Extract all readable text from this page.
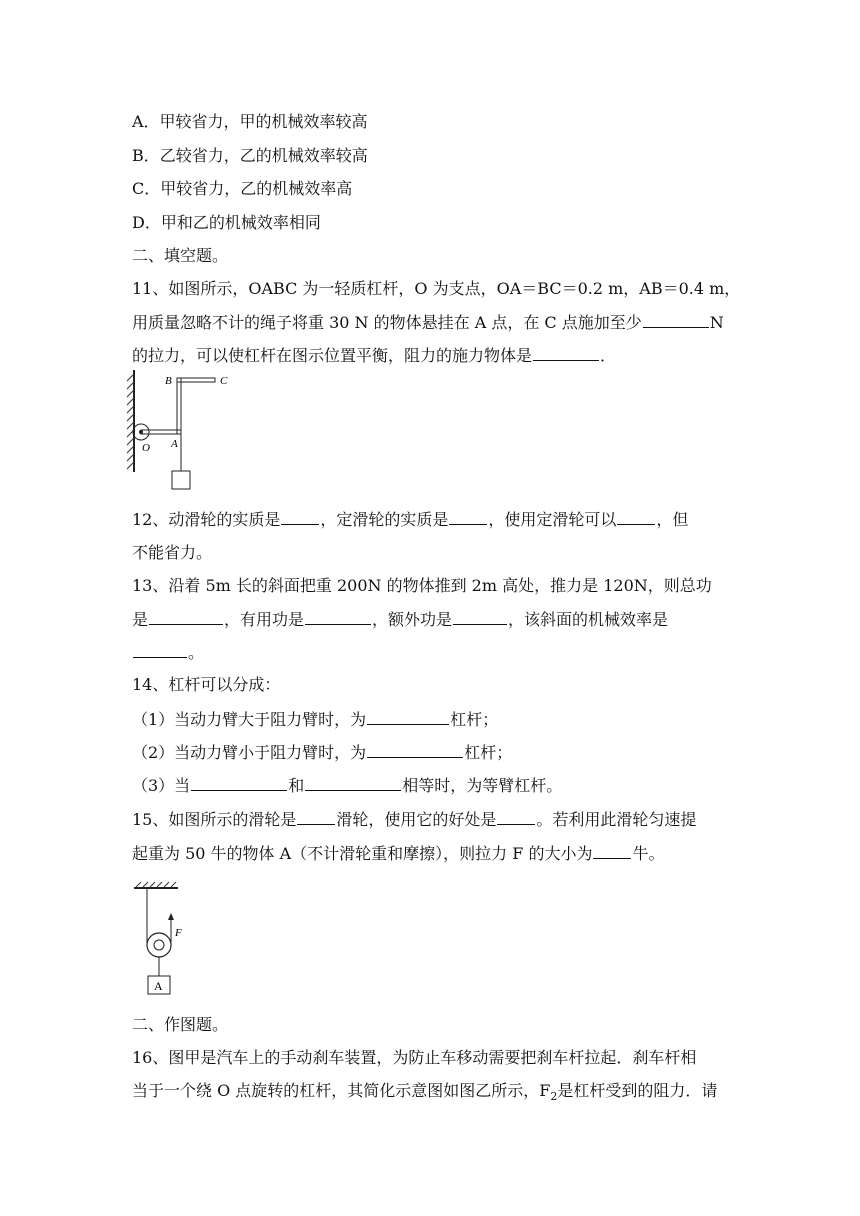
A．甲较省力，甲的机械效率较高
B．乙较省力，乙的机械效率较高
C．甲较省力，乙的机械效率高
D．甲和乙的机械效率相同
二、填空题。
11、如图所示，OABC 为一轻质杠杆，O 为支点，OA＝BC＝0.2 m，AB＝0.4 m，
用质量忽略不计的绳子将重 30 N 的物体悬挂在 A 点，在 C 点施加至少	N
的拉力，可以使杠杆在图示位置平衡，阻力的施力物体是	．
B	C
O A
12、动滑轮的实质是	，定滑轮的实质是	，使用定滑轮可以	，但
不能省力。
13、沿着 5m 长的斜面把重 200N 的物体推到 2m 高处，推力是 120N，则总功
是	，有用功是	，额外功是	，该斜面的机械效率是
。
14、杠杆可以分成：
（1）当动力臂大于阻力臂时，为	杠杆；
（2）当动力臂小于阻力臂时，为	杠杆；
（3）当	和	相等时，为等臂杠杆。
15、如图所示的滑轮是	滑轮，使用它的好处是	。若利用此滑轮匀速提
起重为 50 牛的物体 A（不计滑轮重和摩擦），则拉力 F 的大小为	牛。
F
A
二、作图题。
16、图甲是汽车上的手动刹车装置，为防止车移动需要把刹车杆拉起．刹车杆相
当于一个绕 O 点旋转的杠杆，其简化示意图如图乙所示，$F_2$是杠杆受到的阻力．请
